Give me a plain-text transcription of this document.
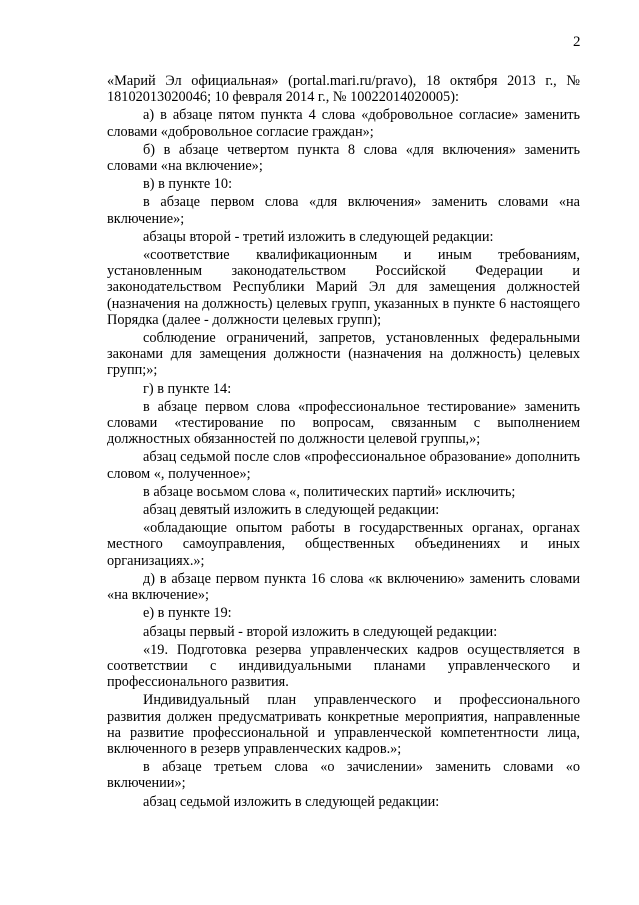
2

«Марий Эл официальная» (portal.mari.ru/pravo), 18 октября 2013 г., № 18102013020046; 10 февраля 2014 г., № 10022014020005):

а) в абзаце пятом пункта 4 слова «добровольное согласие» заменить словами «добровольное согласие граждан»;

б) в абзаце четвертом пункта 8 слова «для включения» заменить словами «на включение»;

в) в пункте 10:

в абзаце первом слова «для включения» заменить словами «на включение»;

абзацы второй - третий изложить в следующей редакции:

«соответствие квалификационным и иным требованиям, установленным законодательством Российской Федерации и законодательством Республики Марий Эл для замещения должностей (назначения на должность) целевых групп, указанных в пункте 6 настоящего Порядка (далее - должности целевых групп);

соблюдение ограничений, запретов, установленных федеральными законами для замещения должности (назначения на должность) целевых групп;»;

г) в пункте 14:

в абзаце первом слова «профессиональное тестирование» заменить словами «тестирование по вопросам, связанным с выполнением должностных обязанностей по должности целевой группы,»;

абзац седьмой после слов «профессиональное образование» дополнить словом «, полученное»;

в абзаце восьмом слова «, политических партий» исключить;

абзац девятый изложить в следующей редакции:

«обладающие опытом работы в государственных органах, органах местного самоуправления, общественных объединениях и иных организациях.»;

д) в абзаце первом пункта 16 слова «к включению» заменить словами «на включение»;

е) в пункте 19:

абзацы первый - второй изложить в следующей редакции:

«19. Подготовка резерва управленческих кадров осуществляется в соответствии с индивидуальными планами управленческого и профессионального развития.

Индивидуальный план управленческого и профессионального развития должен предусматривать конкретные мероприятия, направленные на развитие профессиональной и управленческой компетентности лица, включенного в резерв управленческих кадров.»;

в абзаце третьем слова «о зачислении» заменить словами «о включении»;

абзац седьмой изложить в следующей редакции:
